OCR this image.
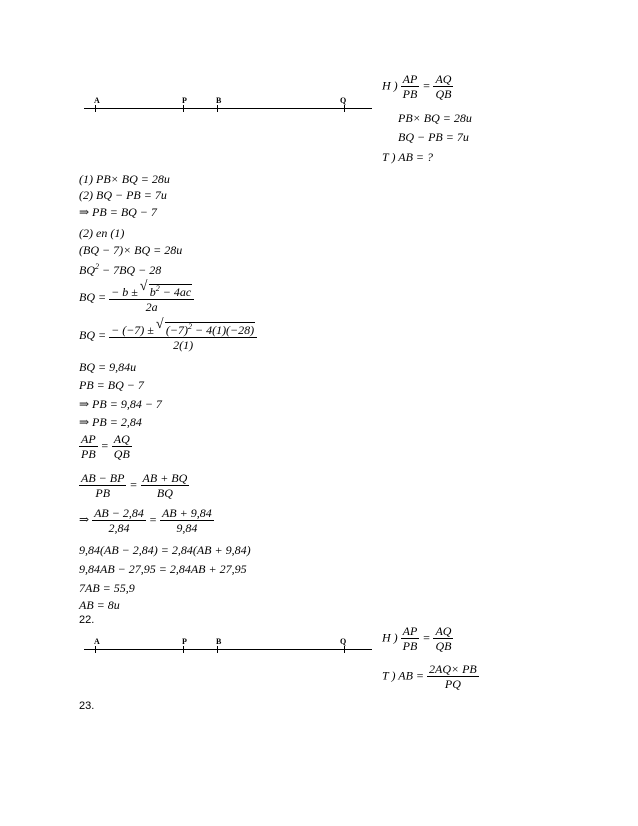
A	P	B	Q
H ) $\frac{AP}{PB} = \frac{AQ}{QB}$
PB× BQ = 28u
BQ − PB = 7u
T ) AB = ?
(1) PB× BQ = 28u
(2) BQ − PB = 7u
⇒ PB = BQ − 7
(2) en (1)
(BQ − 7)× BQ = 28u
$BQ^2 - 7BQ - 28$
BQ = $\frac{- b \pm √ b^2 - 4ac}{2a}$
BQ = $\frac{- (-7) \pm √ (-7)^2 - 4(1)(-28)}{2(1)}$
BQ = 9,84u
PB = BQ − 7
⇒ PB = 9,84 − 7
⇒ PB = 2,84
$\frac{AP}{PB} = \frac{AQ}{QB}$
$\frac{AB - BP}{PB} = \frac{AB + BQ}{BQ}$
⇒ $\frac{AB - 2,84}{2,84} = \frac{AB + 9,84}{9,84}$
9,84(AB − 2,84) = 2,84(AB + 9,84)
9,84AB − 27,95 = 2,84AB + 27,95
7AB = 55,9
AB = 8u
22.
A	P	B	Q	H ) $\frac{AP}{PB} = \frac{AQ}{QB}$
T ) AB = $\frac{2AQ\times PB}{PQ}$
23.
